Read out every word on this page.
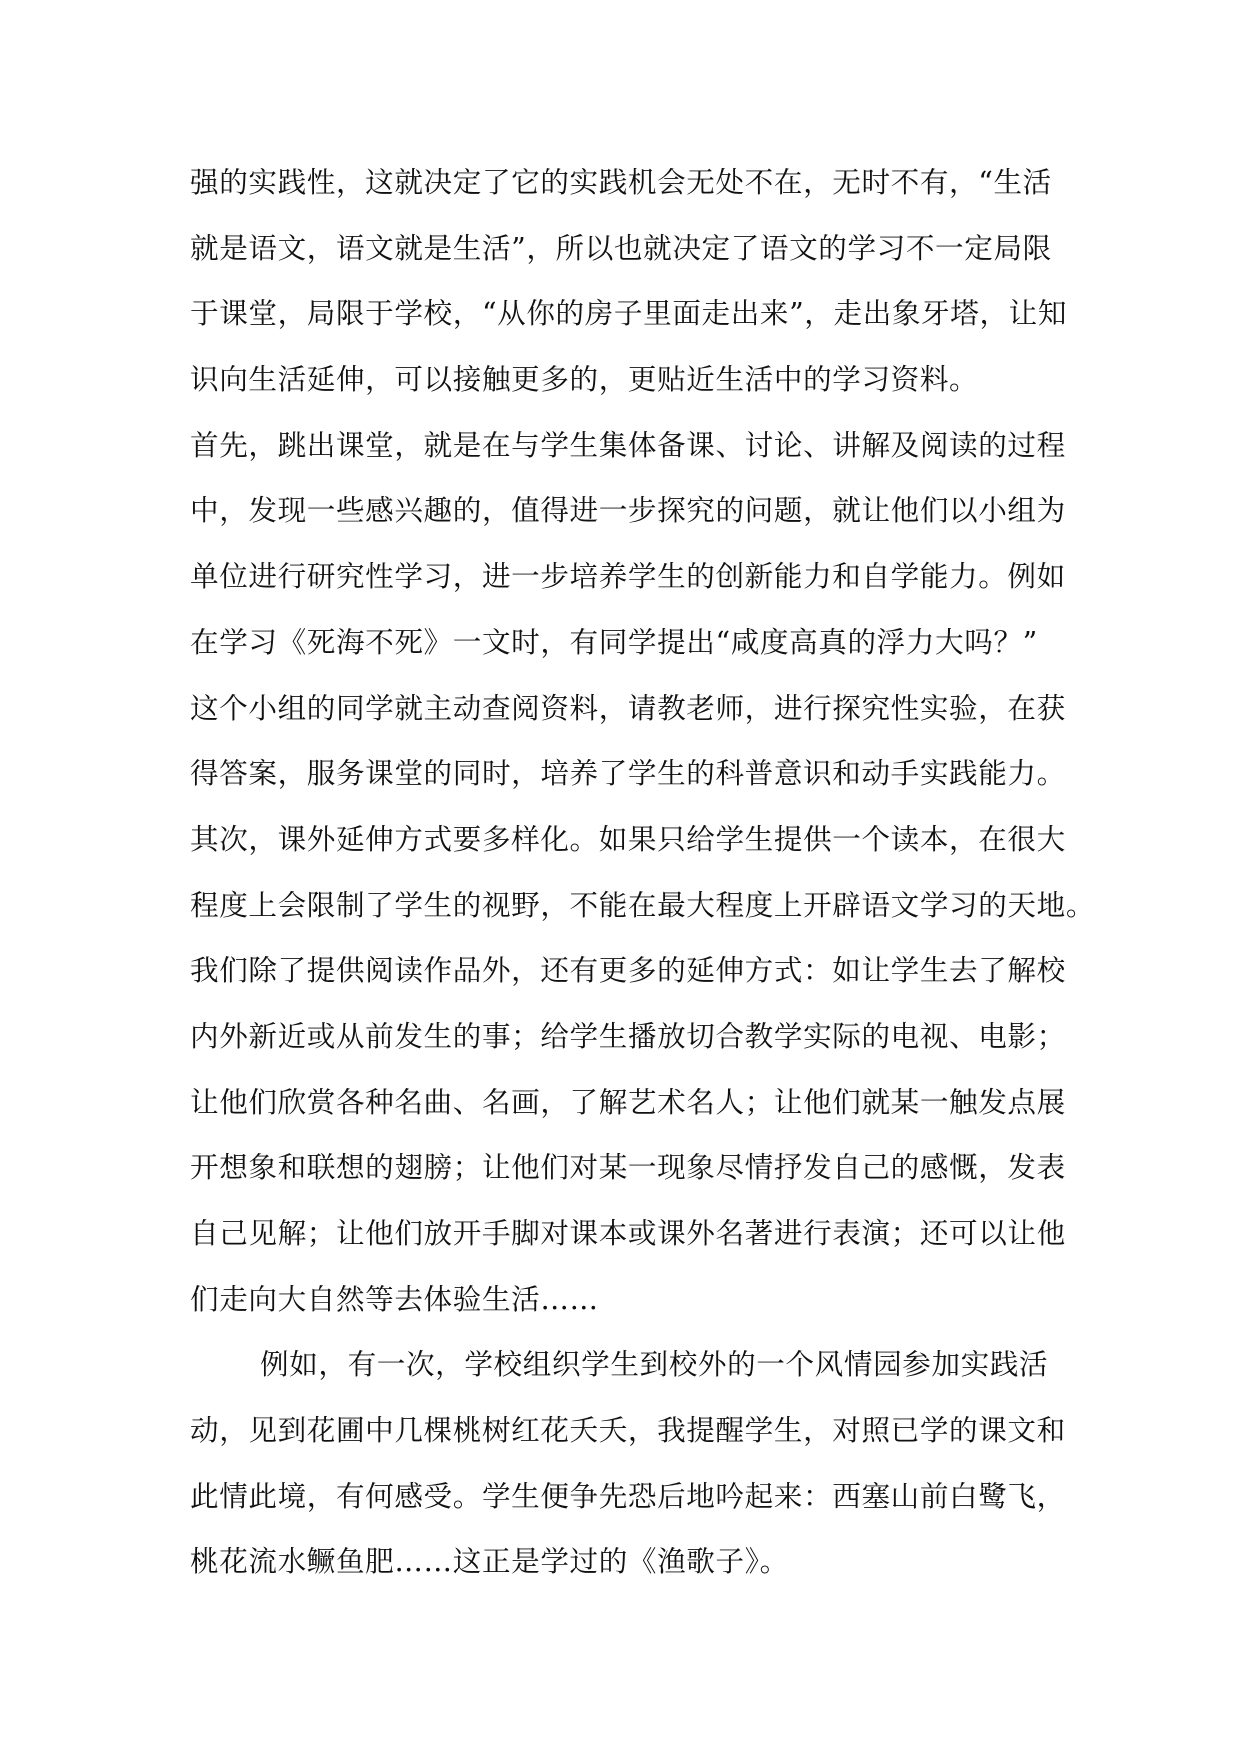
强的实践性，这就决定了它的实践机会无处不在，无时不有，“生活
就是语文，语文就是生活”，所以也就决定了语文的学习不一定局限
于课堂，局限于学校，“从你的房子里面走出来”，走出象牙塔，让知
识向生活延伸，可以接触更多的，更贴近生活中的学习资料。
首先，跳出课堂，就是在与学生集体备课、讨论、讲解及阅读的过程
中，发现一些感兴趣的，值得进一步探究的问题，就让他们以小组为
单位进行研究性学习，进一步培养学生的创新能力和自学能力。例如
在学习《死海不死》一文时，有同学提出“咸度高真的浮力大吗？”
这个小组的同学就主动查阅资料，请教老师，进行探究性实验，在获
得答案，服务课堂的同时，培养了学生的科普意识和动手实践能力。
其次，课外延伸方式要多样化。如果只给学生提供一个读本，在很大
程度上会限制了学生的视野，不能在最大程度上开辟语文学习的天地。
我们除了提供阅读作品外，还有更多的延伸方式：如让学生去了解校
内外新近或从前发生的事；给学生播放切合教学实际的电视、电影；
让他们欣赏各种名曲、名画，了解艺术名人；让他们就某一触发点展
开想象和联想的翅膀；让他们对某一现象尽情抒发自己的感慨，发表
自己见解；让他们放开手脚对课本或课外名著进行表演；还可以让他
们走向大自然等去体验生活……
例如，有一次，学校组织学生到校外的一个风情园参加实践活
动，见到花圃中几棵桃树红花夭夭，我提醒学生，对照已学的课文和
此情此境，有何感受。学生便争先恐后地吟起来：西塞山前白鹭飞，
桃花流水鳜鱼肥……这正是学过的《渔歌子》。
